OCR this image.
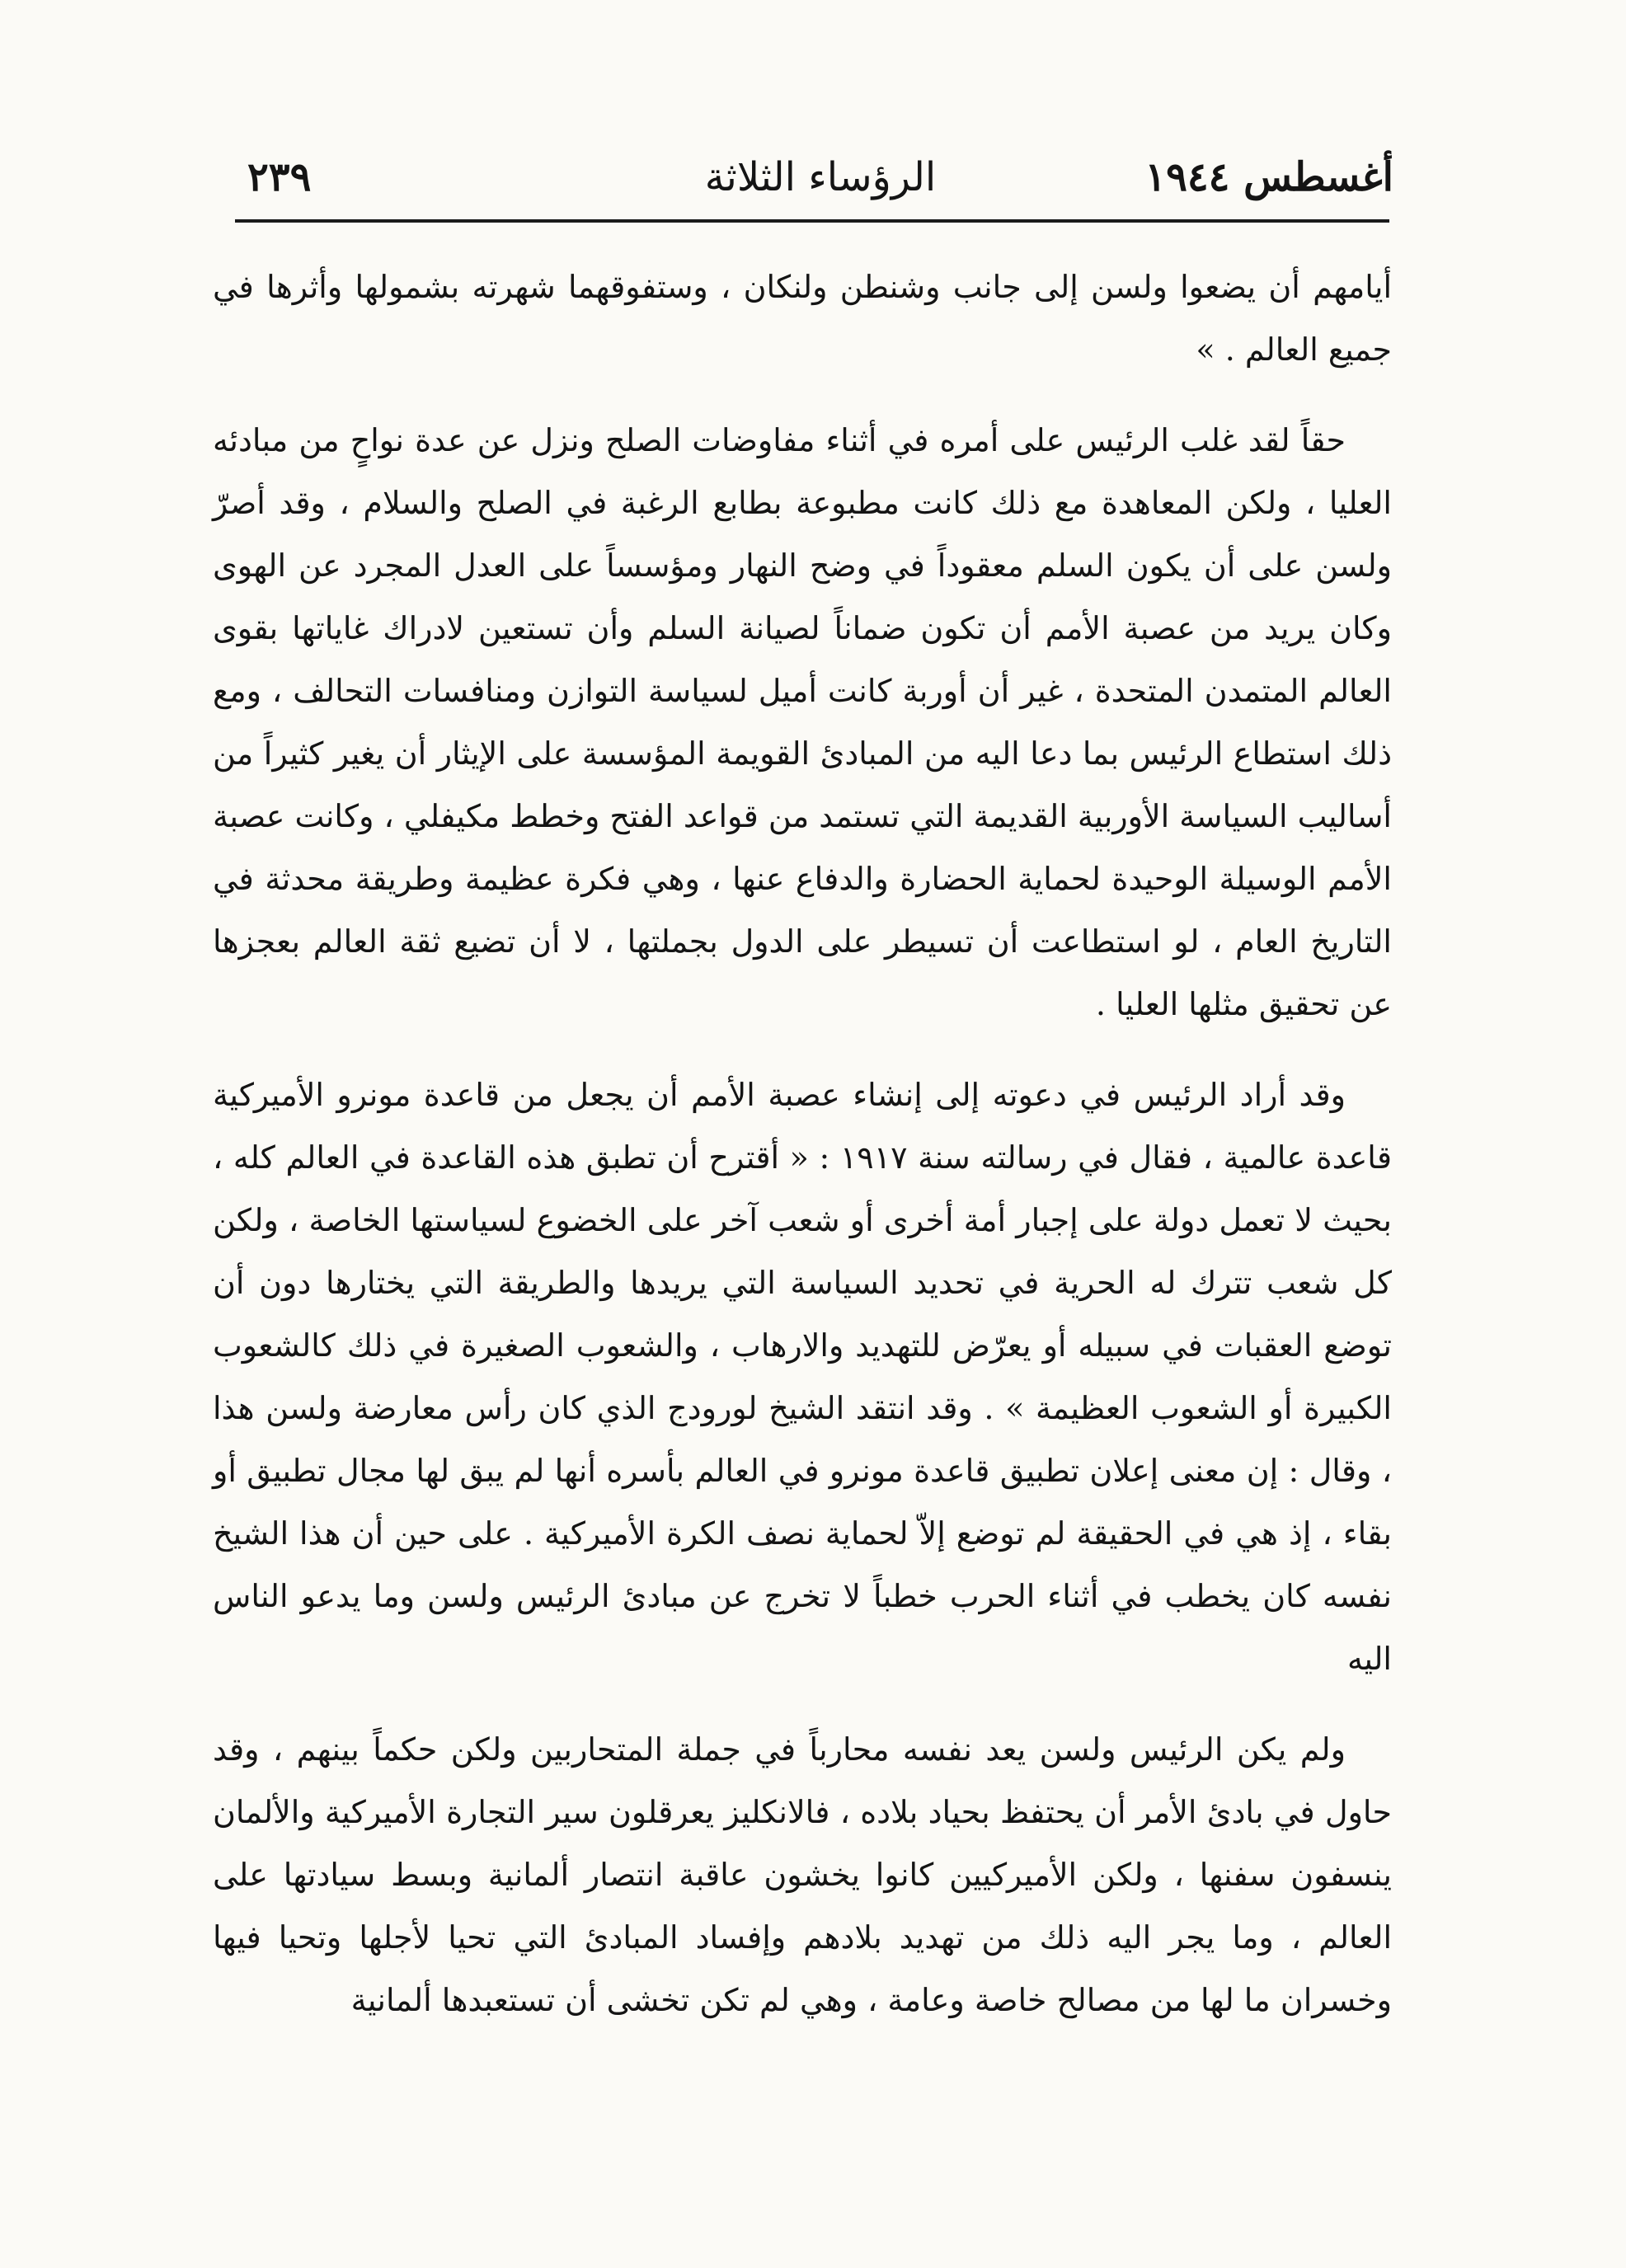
أغسطس ١٩٤٤
الرؤساء الثلاثة
٢٣٩

أيامهم أن يضعوا ولسن إلى جانب وشنطن ولنكان ، وستفوقهما شهرته بشمولها وأثرها في جميع العالم . »

حقاً لقد غلب الرئيس على أمره في أثناء مفاوضات الصلح ونزل عن عدة نواحٍ من مبادئه العليا ، ولكن المعاهدة مع ذلك كانت مطبوعة بطابع الرغبة في الصلح والسلام ، وقد أصرّ ولسن على أن يكون السلم معقوداً في وضح النهار ومؤسساً على العدل المجرد عن الهوى وكان يريد من عصبة الأمم أن تكون ضماناً لصيانة السلم وأن تستعين لادراك غاياتها بقوى العالم المتمدن المتحدة ، غير أن أوربة كانت أميل لسياسة التوازن ومنافسات التحالف ، ومع ذلك استطاع الرئيس بما دعا اليه من المبادئ القويمة المؤسسة على الإيثار أن يغير كثيراً من أساليب السياسة الأوربية القديمة التي تستمد من قواعد الفتح وخطط مكيفلي ، وكانت عصبة الأمم الوسيلة الوحيدة لحماية الحضارة والدفاع عنها ، وهي فكرة عظيمة وطريقة محدثة في التاريخ العام ، لو استطاعت أن تسيطر على الدول بجملتها ، لا أن تضيع ثقة العالم بعجزها عن تحقيق مثلها العليا .

وقد أراد الرئيس في دعوته إلى إنشاء عصبة الأمم أن يجعل من قاعدة مونرو الأميركية قاعدة عالمية ، فقال في رسالته سنة ١٩١٧ : « أقترح أن تطبق هذه القاعدة في العالم كله ، بحيث لا تعمل دولة على إجبار أمة أخرى أو شعب آخر على الخضوع لسياستها الخاصة ، ولكن كل شعب تترك له الحرية في تحديد السياسة التي يريدها والطريقة التي يختارها دون أن توضع العقبات في سبيله أو يعرّض للتهديد والارهاب ، والشعوب الصغيرة في ذلك كالشعوب الكبيرة أو الشعوب العظيمة » . وقد انتقد الشيخ لورودج الذي كان رأس معارضة ولسن هذا ، وقال : إن معنى إعلان تطبيق قاعدة مونرو في العالم بأسره أنها لم يبق لها مجال تطبيق أو بقاء ، إذ هي في الحقيقة لم توضع إلاّ لحماية نصف الكرة الأميركية . على حين أن هذا الشيخ نفسه كان يخطب في أثناء الحرب خطباً لا تخرج عن مبادئ الرئيس ولسن وما يدعو الناس اليه

ولم يكن الرئيس ولسن يعد نفسه محارباً في جملة المتحاربين ولكن حكماً بينهم ، وقد حاول في بادئ الأمر أن يحتفظ بحياد بلاده ، فالانكليز يعرقلون سير التجارة الأميركية والألمان ينسفون سفنها ، ولكن الأميركيين كانوا يخشون عاقبة انتصار ألمانية وبسط سيادتها على العالم ، وما يجر اليه ذلك من تهديد بلادهم وإفساد المبادئ التي تحيا لأجلها وتحيا فيها وخسران ما لها من مصالح خاصة وعامة ، وهي لم تكن تخشى أن تستعبدها ألمانية
